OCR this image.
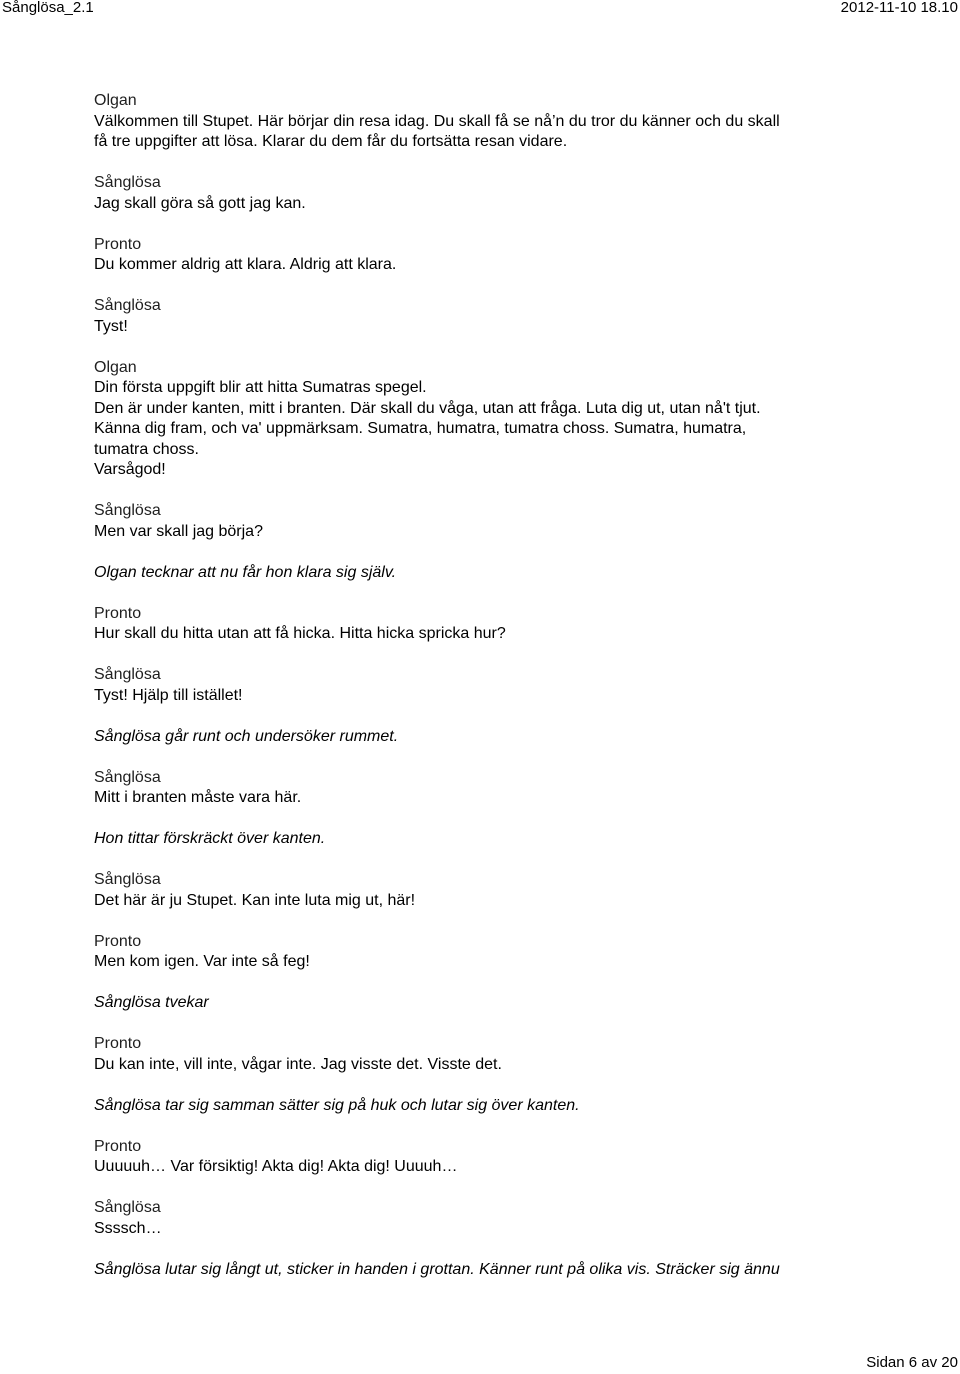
Sånglösa_2.1	2012-11-10 18.10
Olgan
Välkommen till Stupet. Här börjar din resa idag. Du skall få se nå’n du tror du känner och du skall
få tre uppgifter att lösa. Klarar du dem får du fortsätta resan vidare.
Sånglösa
Jag skall göra så gott jag kan.
Pronto
Du kommer aldrig att klara. Aldrig att klara.
Sånglösa
Tyst!
Olgan
Din första uppgift blir att hitta Sumatras spegel.
Den är under kanten, mitt i branten. Där skall du våga, utan att fråga. Luta dig ut, utan nå't tjut.
Känna dig fram, och va' uppmärksam. Sumatra, humatra, tumatra choss. Sumatra, humatra,
tumatra choss.
Varsågod!
Sånglösa
Men var skall jag börja?
Olgan tecknar att nu får hon klara sig själv.
Pronto
Hur skall du hitta utan att få hicka. Hitta hicka spricka hur?
Sånglösa
Tyst! Hjälp till istället!
Sånglösa går runt och undersöker rummet.
Sånglösa
Mitt i branten måste vara här.
Hon tittar förskräckt över kanten.
Sånglösa
Det här är ju Stupet. Kan inte luta mig ut, här!
Pronto
Men kom igen. Var inte så feg!
Sånglösa tvekar
Pronto
Du kan inte, vill inte, vågar inte. Jag visste det. Visste det.
Sånglösa tar sig samman sätter sig på huk och lutar sig över kanten.
Pronto
Uuuuuh… Var försiktig! Akta dig! Akta dig! Uuuuh…
Sånglösa
Ssssch…
Sånglösa lutar sig långt ut, sticker in handen i grottan. Känner runt på olika vis. Sträcker sig ännu
Sidan 6 av 20
